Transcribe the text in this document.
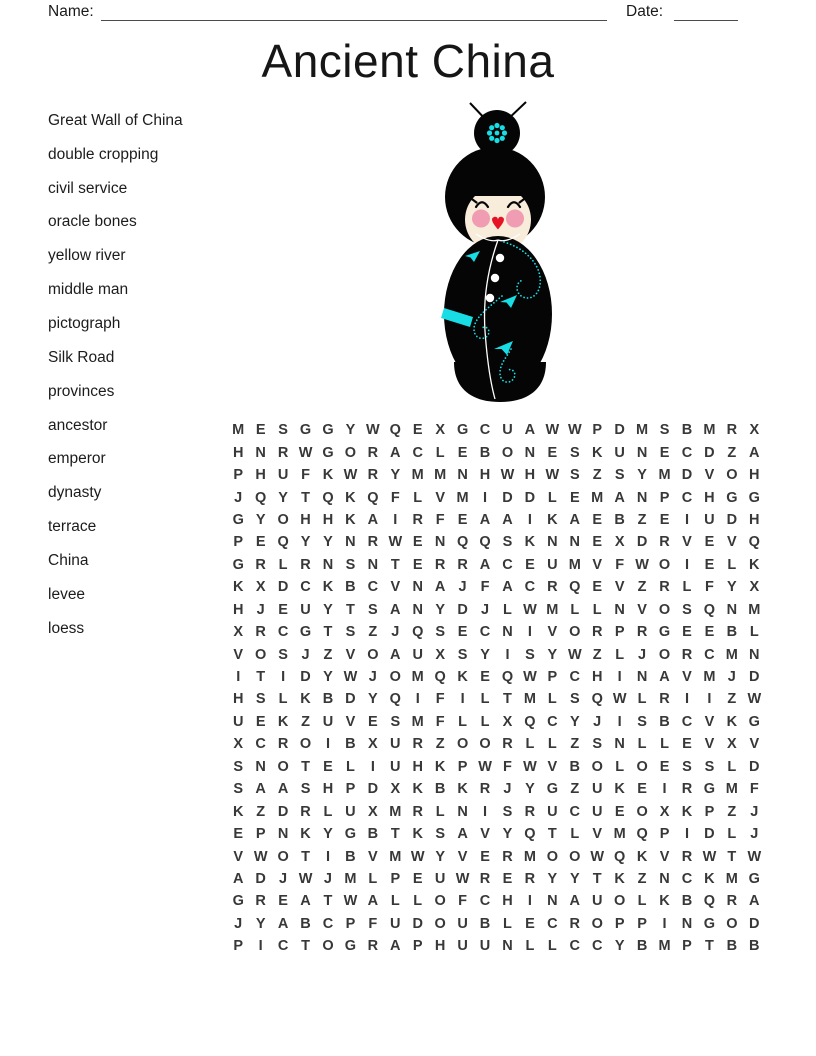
Name:	Date:
Ancient China
Great Wall of China
double cropping
civil service
oracle bones
yellow river
middle man
pictograph
Silk Road
provinces
ancestor
emperor
dynasty
terrace
China
levee
loess
M E S G G Y W Q E X G C U A W W P D M S B M R X
H N R W G O R A C L E B O N E S K U N E C D Z A
P H U F K W R Y M M N H W H W S Z S Y M D V O H
J Q Y T Q K Q F L V M I	D D L E M A N P C H G G
G Y O H H K A	I	R F E A A	I	K A E B Z E	I	U D H
P E Q Y Y N R W E N Q Q S K N N E X D R V E V Q
G R L R N S N T E R R A C E U M V F W O	I	E L K
K X D C K B C V N A J F A C R Q E V Z R L F Y X
H J E U Y T S A N Y D J L W M L L N V O S Q N M
X R C G T S Z J Q S E C N	I	V O R P R G E E B L
V O S J Z V O A U X S Y	I	S Y W Z L J O R C M N
I	T	I	D Y W J O M Q K E Q W P C H	I	N A V M J D
H S L K B D Y Q	I	F	I	L T M L S Q W L R	I	I	Z W
U E K Z U V E S M F L L X Q C Y J	I	S B C V K G
X C R O	I	B X U R Z O O R L L Z S N L L E V X V
S N O T E L	I	U H K P W F W V B O L O E S S L D
S A A S H P D X K B K R J Y G Z U K E	I	R G M F
K Z D R L U X M R L N	I	S R U C U E O X K P Z J
E P N K Y G B T K S A V Y Q T L V M Q P	I	D L J
V W O T	I	B V M W Y V E R M O O W Q K V R W T W
A D J W J M L P E U W R E R Y Y T K Z N C K M G
G R E A T W A L L O F C H	I	N A U O L K B Q R A
J Y A B C P F U D O U B L E C R O P P	I	N G O D
P	I	C T O G R A P H U U N L L C C Y B M P T B B
